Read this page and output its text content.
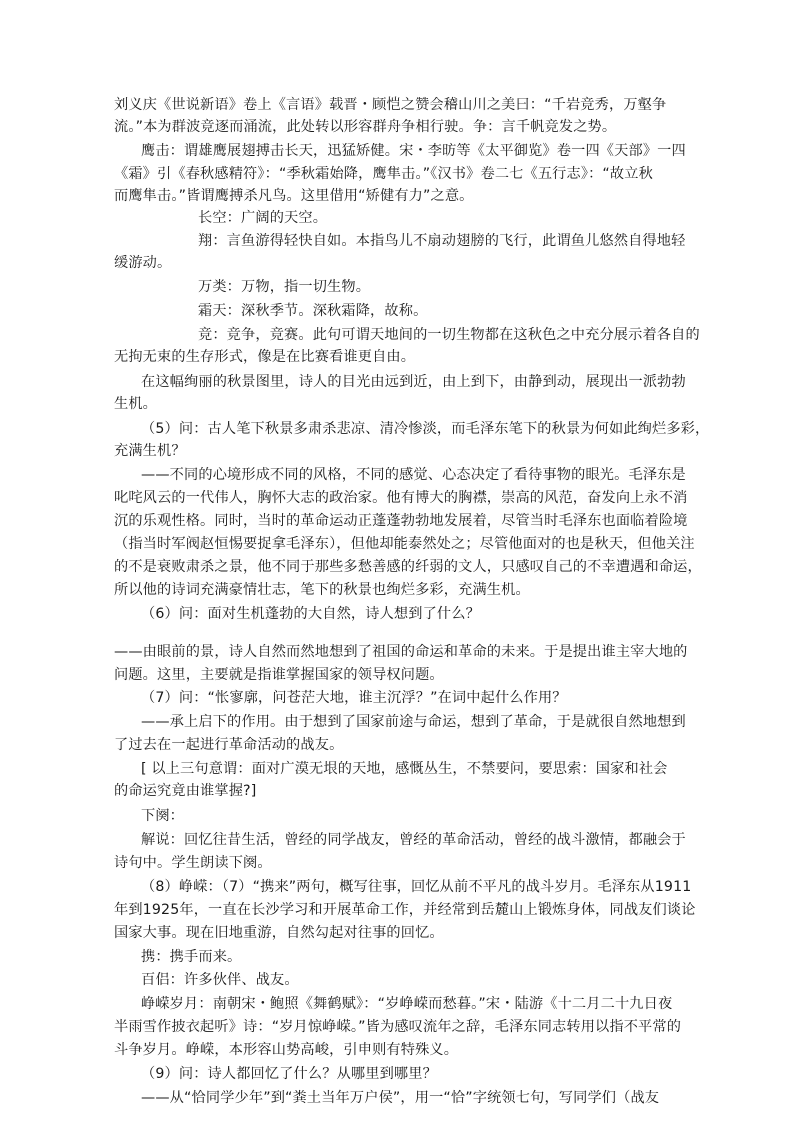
刘义庆《世说新语》卷上《言语》载晋・顾恺之赞会稽山川之美曰：“千岩竞秀，万壑争

流。”本为群波竞逐而涌流，此处转以形容群舟争相行驶。争：言千帆竞发之势。

鹰击：谓雄鹰展翅搏击长天，迅猛矫健。宋・李昉等《太平御览》卷一四《天部》一四

《霜》引《春秋感精符》：“季秋霜始降，鹰隼击。”《汉书》卷二七《五行志》：“故立秋

而鹰隼击。”皆谓鹰搏杀凡鸟。这里借用“矫健有力”之意。

长空：广阔的天空。

翔：言鱼游得轻快自如。本指鸟儿不扇动翅膀的飞行，此谓鱼儿悠然自得地轻

缓游动。

万类：万物，指一切生物。

霜天：深秋季节。深秋霜降，故称。

竞：竞争，竞赛。此句可谓天地间的一切生物都在这秋色之中充分展示着各自的

无拘无束的生存形式，像是在比赛看谁更自由。

在这幅绚丽的秋景图里，诗人的目光由远到近，由上到下，由静到动，展现出一派勃勃

生机。

（5）问：古人笔下秋景多肃杀悲凉、清冷惨淡，而毛泽东笔下的秋景为何如此绚烂多彩，

充满生机？

——不同的心境形成不同的风格，不同的感觉、心态决定了看待事物的眼光。毛泽东是

叱咤风云的一代伟人，胸怀大志的政治家。他有博大的胸襟，崇高的风范，奋发向上永不消

沉的乐观性格。同时，当时的革命运动正蓬蓬勃勃地发展着，尽管当时毛泽东也面临着险境

（指当时军阀赵恒惕要捉拿毛泽东），但他却能泰然处之；尽管他面对的也是秋天，但他关注

的不是衰败肃杀之景，他不同于那些多愁善感的纤弱的文人，只感叹自己的不幸遭遇和命运，

所以他的诗词充满豪情壮志，笔下的秋景也绚烂多彩，充满生机。

（6）问：面对生机蓬勃的大自然，诗人想到了什么？

——由眼前的景，诗人自然而然地想到了祖国的命运和革命的未来。于是提出谁主宰大地的

问题。这里，主要就是指谁掌握国家的领导权问题。

（7）问：“怅寥廓，问苍茫大地，谁主沉浮？”在词中起什么作用？

——承上启下的作用。由于想到了国家前途与命运，想到了革命，于是就很自然地想到

了过去在一起进行革命活动的战友。

[ 以上三句意谓：面对广漠无垠的天地，感慨丛生，不禁要问，要思索：国家和社会

的命运究竟由谁掌握?]

下阕：

解说：回忆往昔生活，曾经的同学战友，曾经的革命活动，曾经的战斗激情，都融会于

诗句中。学生朗读下阕。

（8）峥嵘：（7）“携来”两句，概写往事，回忆从前不平凡的战斗岁月。毛泽东从1911

年到1925年，一直在长沙学习和开展革命工作，并经常到岳麓山上锻炼身体，同战友们谈论

国家大事。现在旧地重游，自然勾起对往事的回忆。

携：携手而来。

百侣：许多伙伴、战友。

峥嵘岁月：南朝宋・鲍照《舞鹤赋》：“岁峥嵘而愁暮。”宋・陆游《十二月二十九日夜

半雨雪作披衣起听》诗：“岁月惊峥嵘。”皆为感叹流年之辞，毛泽东同志转用以指不平常的

斗争岁月。峥嵘，本形容山势高峻，引申则有特殊义。

（9）问：诗人都回忆了什么？从哪里到哪里？

——从“恰同学少年”到“粪土当年万户侯”，用一“恰”字统领七句，写同学们（战友
